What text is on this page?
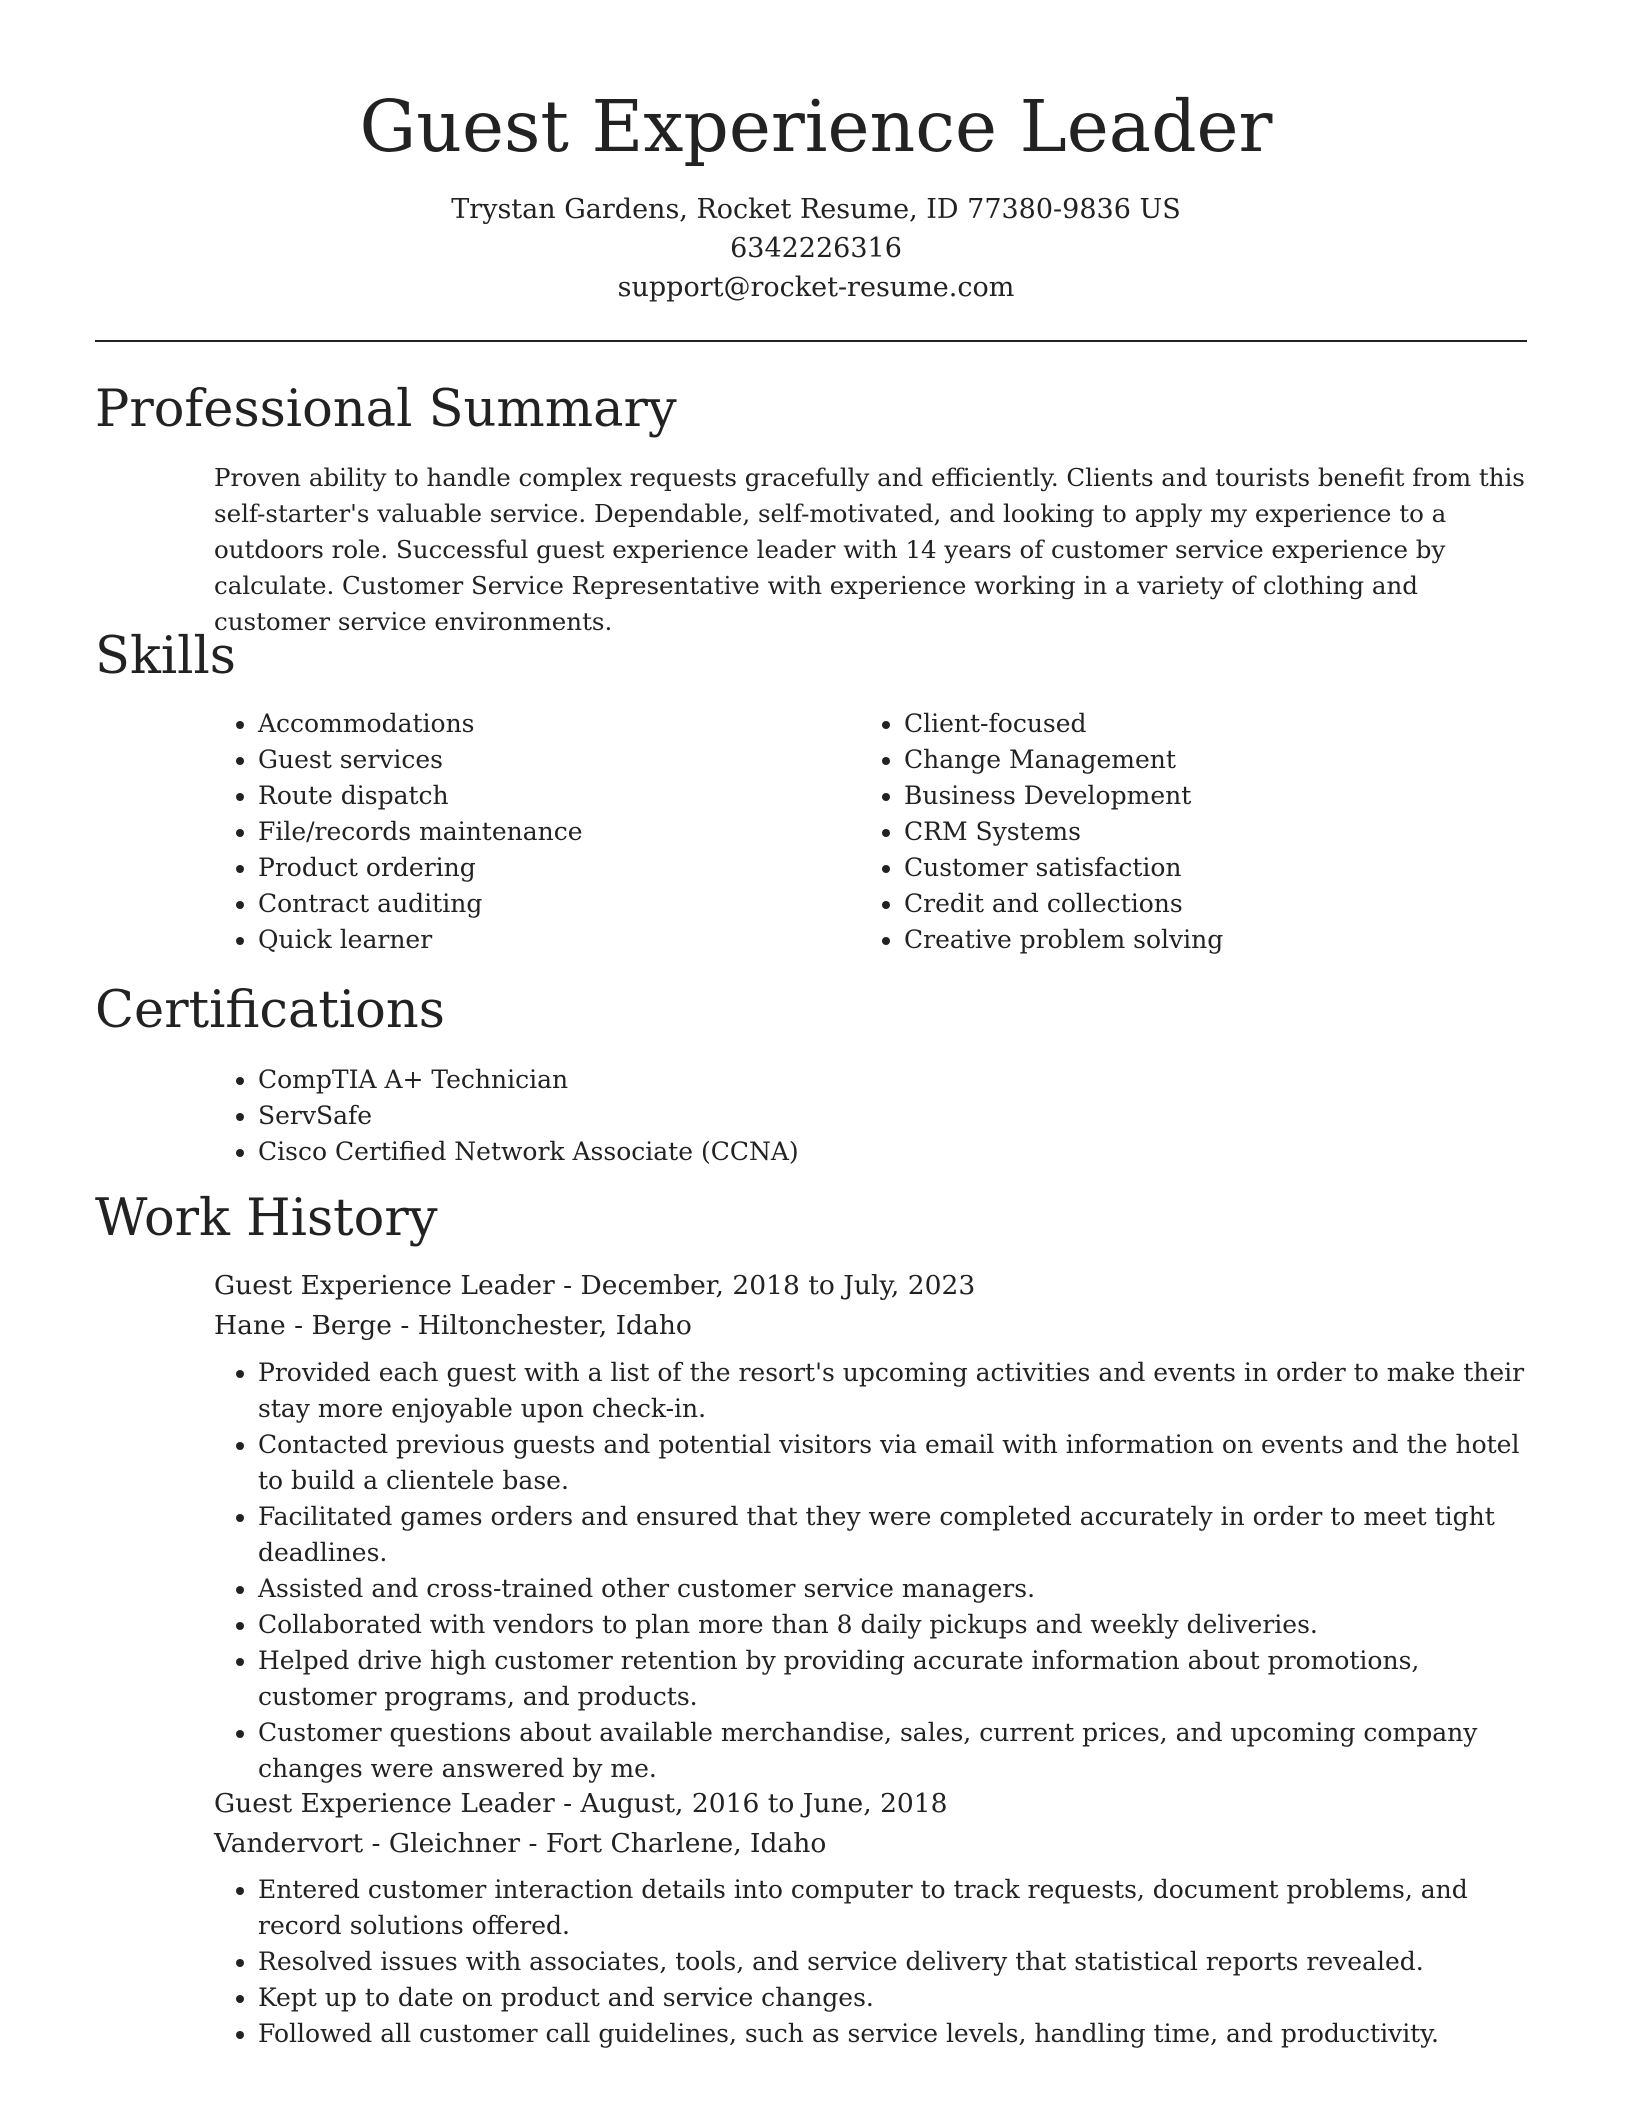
Guest Experience Leader
Trystan Gardens, Rocket Resume, ID 77380-9836 US
6342226316
support@rocket-resume.com
Professional Summary

Proven ability to handle complex requests gracefully and efficiently. Clients and tourists benefit from this self-starter's valuable service. Dependable, self-motivated, and looking to apply my experience to a outdoors role. Successful guest experience leader with 14 years of customer service experience by calculate. Customer Service Representative with experience working in a variety of clothing and customer service environments.

Skills
• Accommodations
• Guest services
• Route dispatch
• File/records maintenance
• Product ordering
• Contract auditing
• Quick learner
• Client-focused
• Change Management
• Business Development
• CRM Systems
• Customer satisfaction
• Credit and collections
• Creative problem solving
Certifications
• CompTIA A+ Technician
• ServSafe
• Cisco Certified Network Associate (CCNA)
Work History
Guest Experience Leader - December, 2018 to July, 2023
Hane - Berge - Hiltonchester, Idaho
• Provided each guest with a list of the resort's upcoming activities and events in order to make their stay more enjoyable upon check-in.
• Contacted previous guests and potential visitors via email with information on events and the hotel to build a clientele base.
• Facilitated games orders and ensured that they were completed accurately in order to meet tight deadlines.
• Assisted and cross-trained other customer service managers.
• Collaborated with vendors to plan more than 8 daily pickups and weekly deliveries.
• Helped drive high customer retention by providing accurate information about promotions, customer programs, and products.
• Customer questions about available merchandise, sales, current prices, and upcoming company changes were answered by me.
Guest Experience Leader - August, 2016 to June, 2018
Vandervort - Gleichner - Fort Charlene, Idaho
• Entered customer interaction details into computer to track requests, document problems, and record solutions offered.
• Resolved issues with associates, tools, and service delivery that statistical reports revealed.
• Kept up to date on product and service changes.
• Followed all customer call guidelines, such as service levels, handling time, and productivity.
